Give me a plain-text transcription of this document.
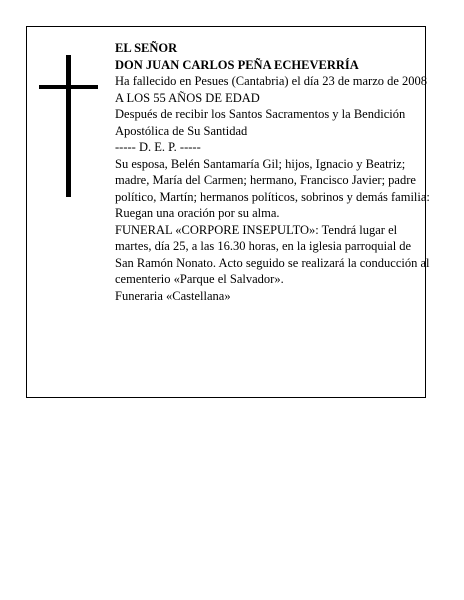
EL SEÑOR

DON JUAN CARLOS PEÑA ECHEVERRÍA

Ha fallecido en Pesues (Cantabria) el día 23 de marzo de 2008

A LOS 55 AÑOS DE EDAD

Después de recibir los Santos Sacramentos y la Bendición Apostólica de Su Santidad

----- D. E. P. -----

Su esposa, Belén Santamaría Gil; hijos, Ignacio y Beatriz; madre, María del Carmen; hermano, Francisco Javier; padre político, Martín; hermanos políticos, sobrinos y demás familia:

Ruegan una oración por su alma.

FUNERAL «CORPORE INSEPULTO»: Tendrá lugar el martes, día 25, a las 16.30 horas, en la iglesia parroquial de San Ramón Nonato. Acto seguido se realizará la conducción al cementerio «Parque el Salvador».

Funeraria «Castellana»
